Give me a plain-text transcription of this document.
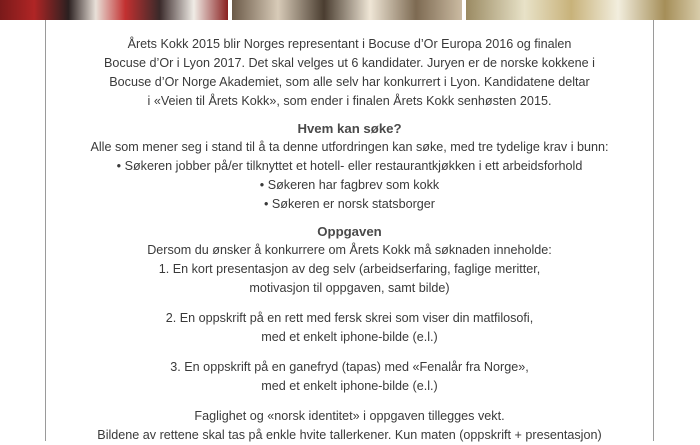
Årets Kokk 2015 blir Norges representant i Bocuse d’Or Europa 2016 og finalen

Bocuse d’Or i Lyon 2017. Det skal velges ut 6 kandidater. Juryen er de norske kokkene i

Bocuse d’Or Norge Akademiet, som alle selv har konkurrert i Lyon. Kandidatene deltar

i «Veien til Årets Kokk», som ender i finalen Årets Kokk senhøsten 2015.

Hvem kan søke?

Alle som mener seg i stand til å ta denne utfordringen kan søke, med tre tydelige krav i bunn:

• Søkeren jobber på/er tilknyttet et hotell- eller restaurantkjøkken i ett arbeidsforhold

• Søkeren har fagbrev som kokk

• Søkeren er norsk statsborger

Oppgaven

Dersom du ønsker å konkurrere om Årets Kokk må søknaden inneholde:

1. En kort presentasjon av deg selv (arbeidserfaring, faglige meritter,

motivasjon til oppgaven, samt bilde)

2. En oppskrift på en rett med fersk skrei som viser din matfilosofi,

med et enkelt iphone-bilde (e.l.)

3. En oppskrift på en ganefryd (tapas) med «Fenalår fra Norge»,

med et enkelt iphone-bilde (e.l.)

Faglighet og «norsk identitet» i oppgaven tillegges vekt.

Bildene av rettene skal tas på enkle hvite tallerkener. Kun maten (oppskrift + presentasjon)
